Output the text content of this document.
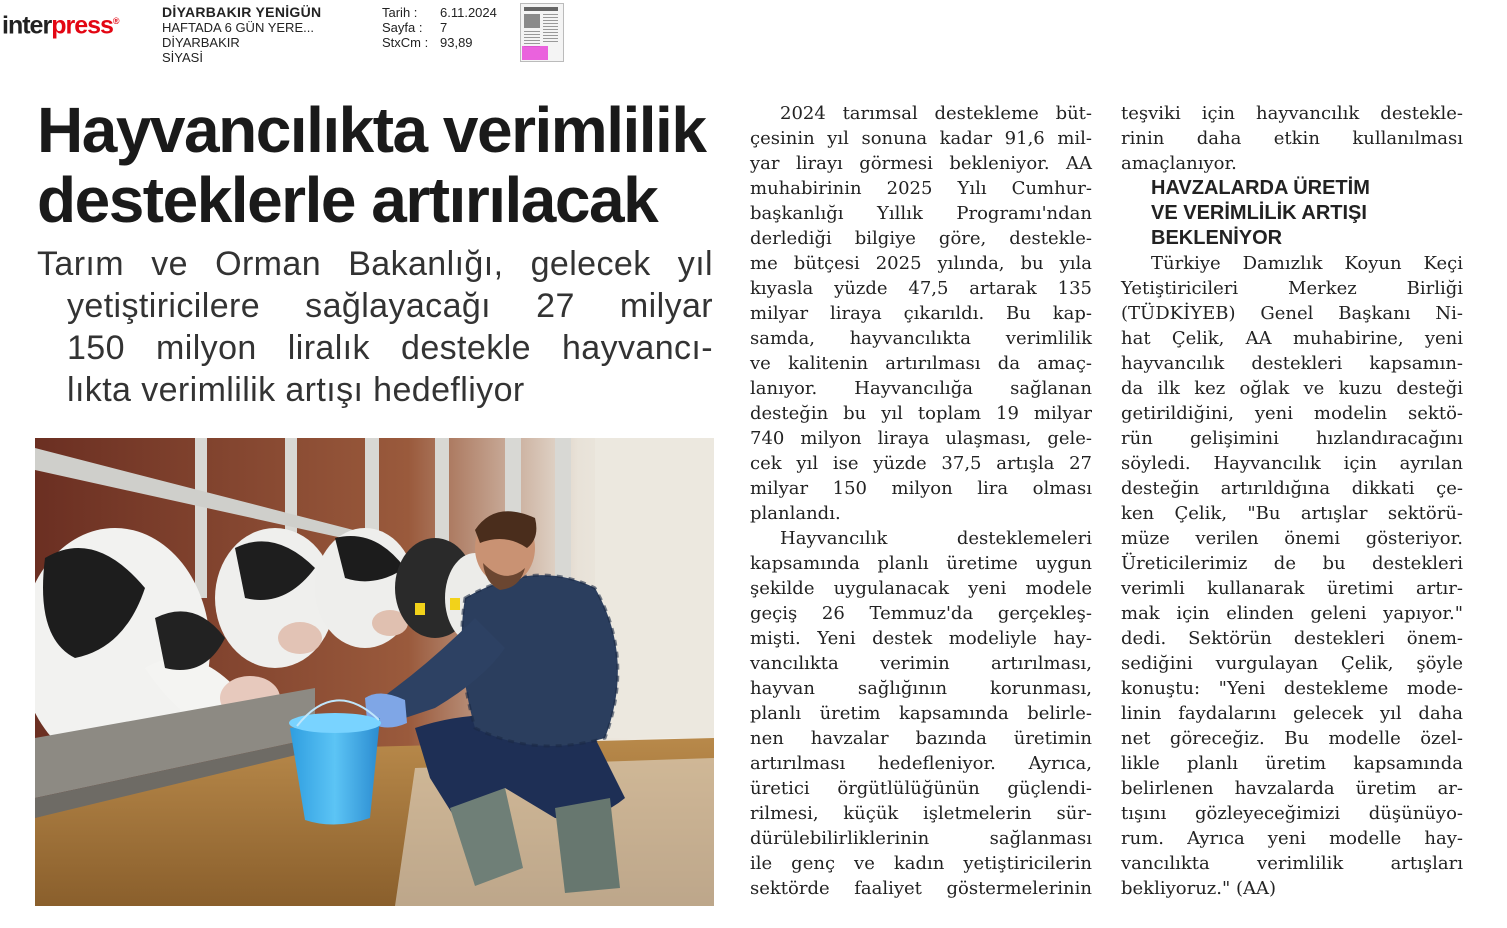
interpress®
DİYARBAKIR YENİGÜN
HAFTADA 6 GÜN YERE...
DİYARBAKIR
SİYASİ
Tarih :	6.11.2024
Sayfa :	7
StxCm : 93,89
Hayvancılıkta verimlilik
desteklerle artırılacak
Tarım ve Orman Bakanlığı, gelecek yıl
yetiştiricilere sağlayacağı 27 milyar
150 milyon liralık destekle hayvancı-
lıkta verimlilik artışı hedefliyor
2024 tarımsal destekleme büt-
çesinin yıl sonuna kadar 91,6 mil-
yar lirayı görmesi bekleniyor. AA
muhabirinin 2025 Yılı Cumhur-
başkanlığı Yıllık Programı'ndan
derlediği bilgiye göre, destekle-
me bütçesi 2025 yılında, bu yıla
kıyasla yüzde 47,5 artarak 135
milyar liraya çıkarıldı. Bu kap-
samda, hayvancılıkta verimlilik
ve kalitenin artırılması da amaç-
lanıyor. Hayvancılığa sağlanan
desteğin bu yıl toplam 19 milyar
740 milyon liraya ulaşması, gele-
cek yıl ise yüzde 37,5 artışla 27
milyar 150 milyon lira olması
planlandı.
Hayvancılık desteklemeleri
kapsamında planlı üretime uygun
şekilde uygulanacak yeni modele
geçiş 26 Temmuz'da gerçekleş-
mişti. Yeni destek modeliyle hay-
vancılıkta verimin artırılması,
hayvan sağlığının korunması,
planlı üretim kapsamında belirle-
nen havzalar bazında üretimin
artırılması hedefleniyor. Ayrıca,
üretici örgütlülüğünün güçlendi-
rilmesi, küçük işletmelerin sür-
dürülebilirliklerinin sağlanması
ile genç ve kadın yetiştiricilerin
sektörde faaliyet göstermelerinin
teşviki için hayvancılık destekle-
rinin daha etkin kullanılması
amaçlanıyor.
HAVZALARDA ÜRETİM
VE VERİMLİLİK ARTIŞI
BEKLENİYOR
Türkiye Damızlık Koyun Keçi
Yetiştiricileri Merkez Birliği
(TÜDKİYEB) Genel Başkanı Ni-
hat Çelik, AA muhabirine, yeni
hayvancılık destekleri kapsamın-
da ilk kez oğlak ve kuzu desteği
getirildiğini, yeni modelin sektö-
rün gelişimini hızlandıracağını
söyledi. Hayvancılık için ayrılan
desteğin artırıldığına dikkati çe-
ken Çelik, "Bu artışlar sektörü-
müze verilen önemi gösteriyor.
Üreticilerimiz de bu destekleri
verimli kullanarak üretimi artır-
mak için elinden geleni yapıyor."
dedi. Sektörün destekleri önem-
sediğini vurgulayan Çelik, şöyle
konuştu: "Yeni destekleme mode-
linin faydalarını gelecek yıl daha
net göreceğiz. Bu modelle özel-
likle planlı üretim kapsamında
belirlenen havzalarda üretim ar-
tışını gözleyeceğimizi düşünüyo-
rum. Ayrıca yeni modelle hay-
vancılıkta verimlilik artışları
bekliyoruz." (AA)
